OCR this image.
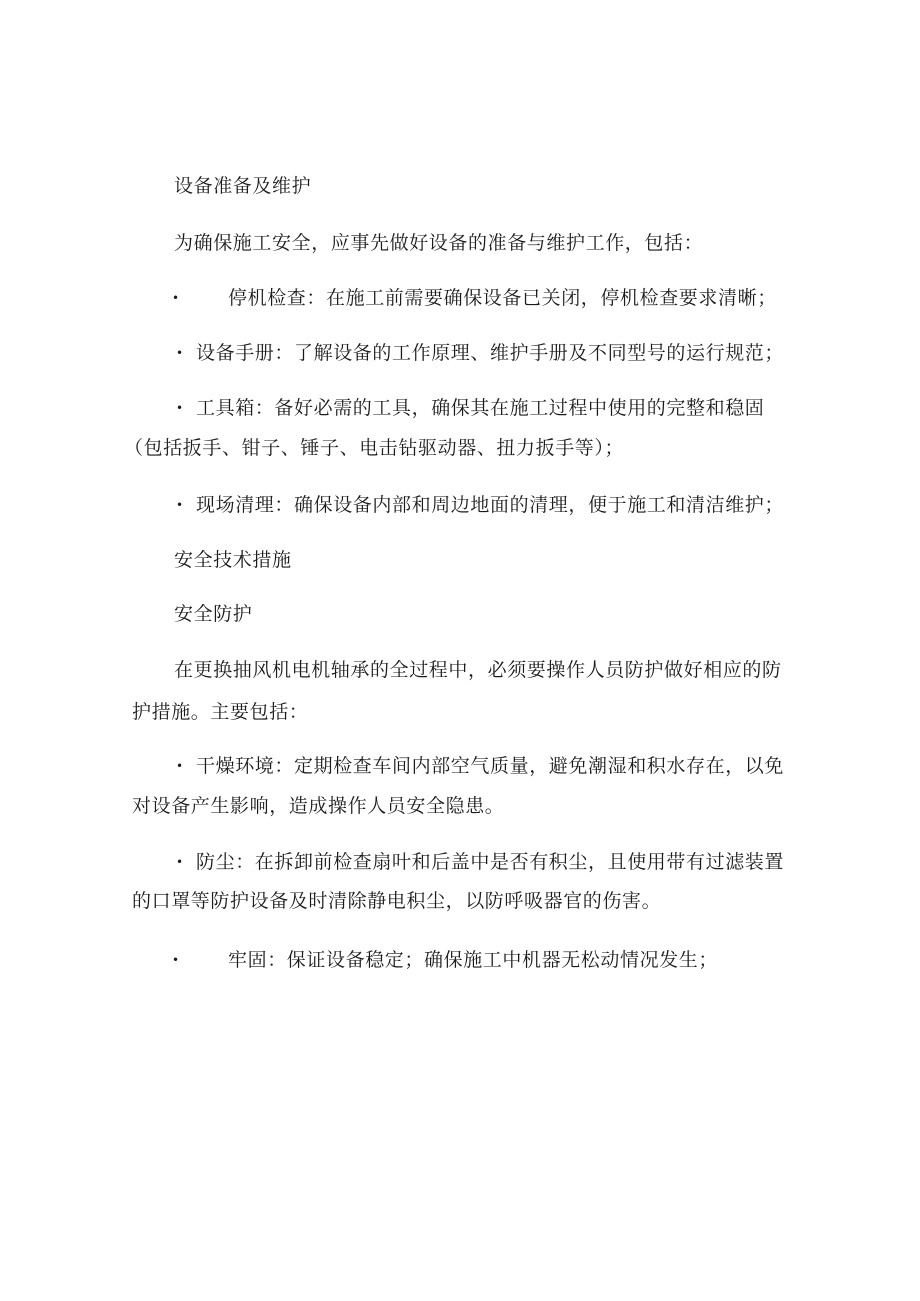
设备准备及维护
为确保施工安全，应事先做好设备的准备与维护工作，包括：
•	停机检查：在施工前需要确保设备已关闭，停机检查要求清晰；
• 设备手册：了解设备的工作原理、维护手册及不同型号的运行规范；
• 工具箱：备好必需的工具，确保其在施工过程中使用的完整和稳固
（包括扳手、钳子、锤子、电击钻驱动器、扭力扳手等）；
• 现场清理：确保设备内部和周边地面的清理，便于施工和清洁维护；
安全技术措施
安全防护
在更换抽风机电机轴承的全过程中，必须要操作人员防护做好相应的防
护措施。主要包括：
• 干燥环境：定期检查车间内部空气质量，避免潮湿和积水存在，以免
对设备产生影响，造成操作人员安全隐患。
• 防尘：在拆卸前检查扇叶和后盖中是否有积尘，且使用带有过滤装置
的口罩等防护设备及时清除静电积尘，以防呼吸器官的伤害。
•	牢固：保证设备稳定；确保施工中机器无松动情况发生；
